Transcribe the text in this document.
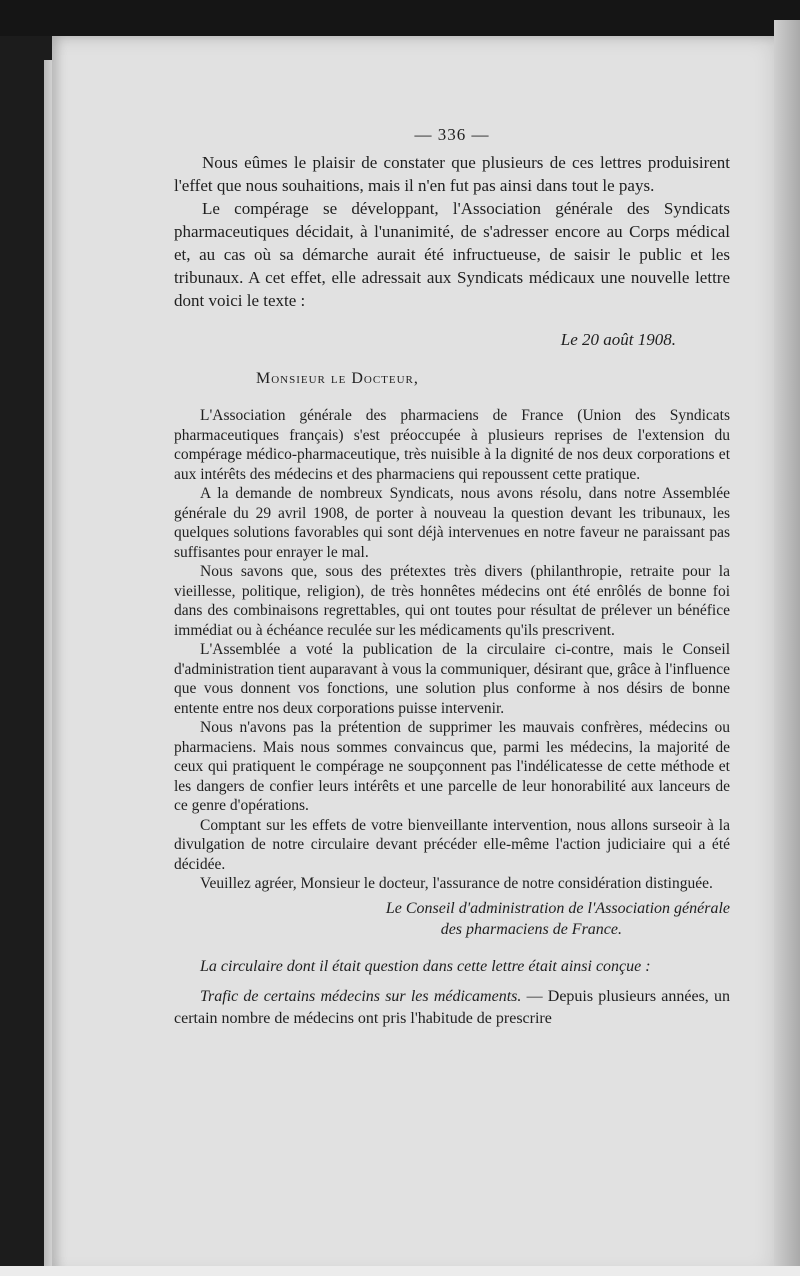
— 336 —

Nous eûmes le plaisir de constater que plusieurs de ces lettres produisirent l'effet que nous souhaitions, mais il n'en fut pas ainsi dans tout le pays.

Le compérage se développant, l'Association générale des Syndicats pharmaceutiques décidait, à l'unanimité, de s'adresser encore au Corps médical et, au cas où sa démarche aurait été infructueuse, de saisir le public et les tribunaux. A cet effet, elle adressait aux Syndicats médicaux une nouvelle lettre dont voici le texte :

Le 20 août 1908.
Monsieur le Docteur,

L'Association générale des pharmaciens de France (Union des Syndicats pharmaceutiques français) s'est préoccupée à plusieurs reprises de l'extension du compérage médico-pharmaceutique, très nuisible à la dignité de nos deux corporations et aux intérêts des médecins et des pharmaciens qui repoussent cette pratique.

A la demande de nombreux Syndicats, nous avons résolu, dans notre Assemblée générale du 29 avril 1908, de porter à nouveau la question devant les tribunaux, les quelques solutions favorables qui sont déjà intervenues en notre faveur ne paraissant pas suffisantes pour enrayer le mal.

Nous savons que, sous des prétextes très divers (philanthropie, retraite pour la vieillesse, politique, religion), de très honnêtes médecins ont été enrôlés de bonne foi dans des combinaisons regrettables, qui ont toutes pour résultat de prélever un bénéfice immédiat ou à échéance reculée sur les médicaments qu'ils prescrivent.

L'Assemblée a voté la publication de la circulaire ci-contre, mais le Conseil d'administration tient auparavant à vous la communiquer, désirant que, grâce à l'influence que vous donnent vos fonctions, une solution plus conforme à nos désirs de bonne entente entre nos deux corporations puisse intervenir.

Nous n'avons pas la prétention de supprimer les mauvais confrères, médecins ou pharmaciens. Mais nous sommes convaincus que, parmi les médecins, la majorité de ceux qui pratiquent le compérage ne soupçonnent pas l'indélicatesse de cette méthode et les dangers de confier leurs intérêts et une parcelle de leur honorabilité aux lanceurs de ce genre d'opérations.

Comptant sur les effets de votre bienveillante intervention, nous allons surseoir à la divulgation de notre circulaire devant précéder elle-même l'action judiciaire qui a été décidée.

Veuillez agréer, Monsieur le docteur, l'assurance de notre considération distinguée.

Le Conseil d'administration de l'Association générale
des pharmaciens de France.

La circulaire dont il était question dans cette lettre était ainsi conçue :

Trafic de certains médecins sur les médicaments. — Depuis plusieurs années, un certain nombre de médecins ont pris l'habitude de prescrire
